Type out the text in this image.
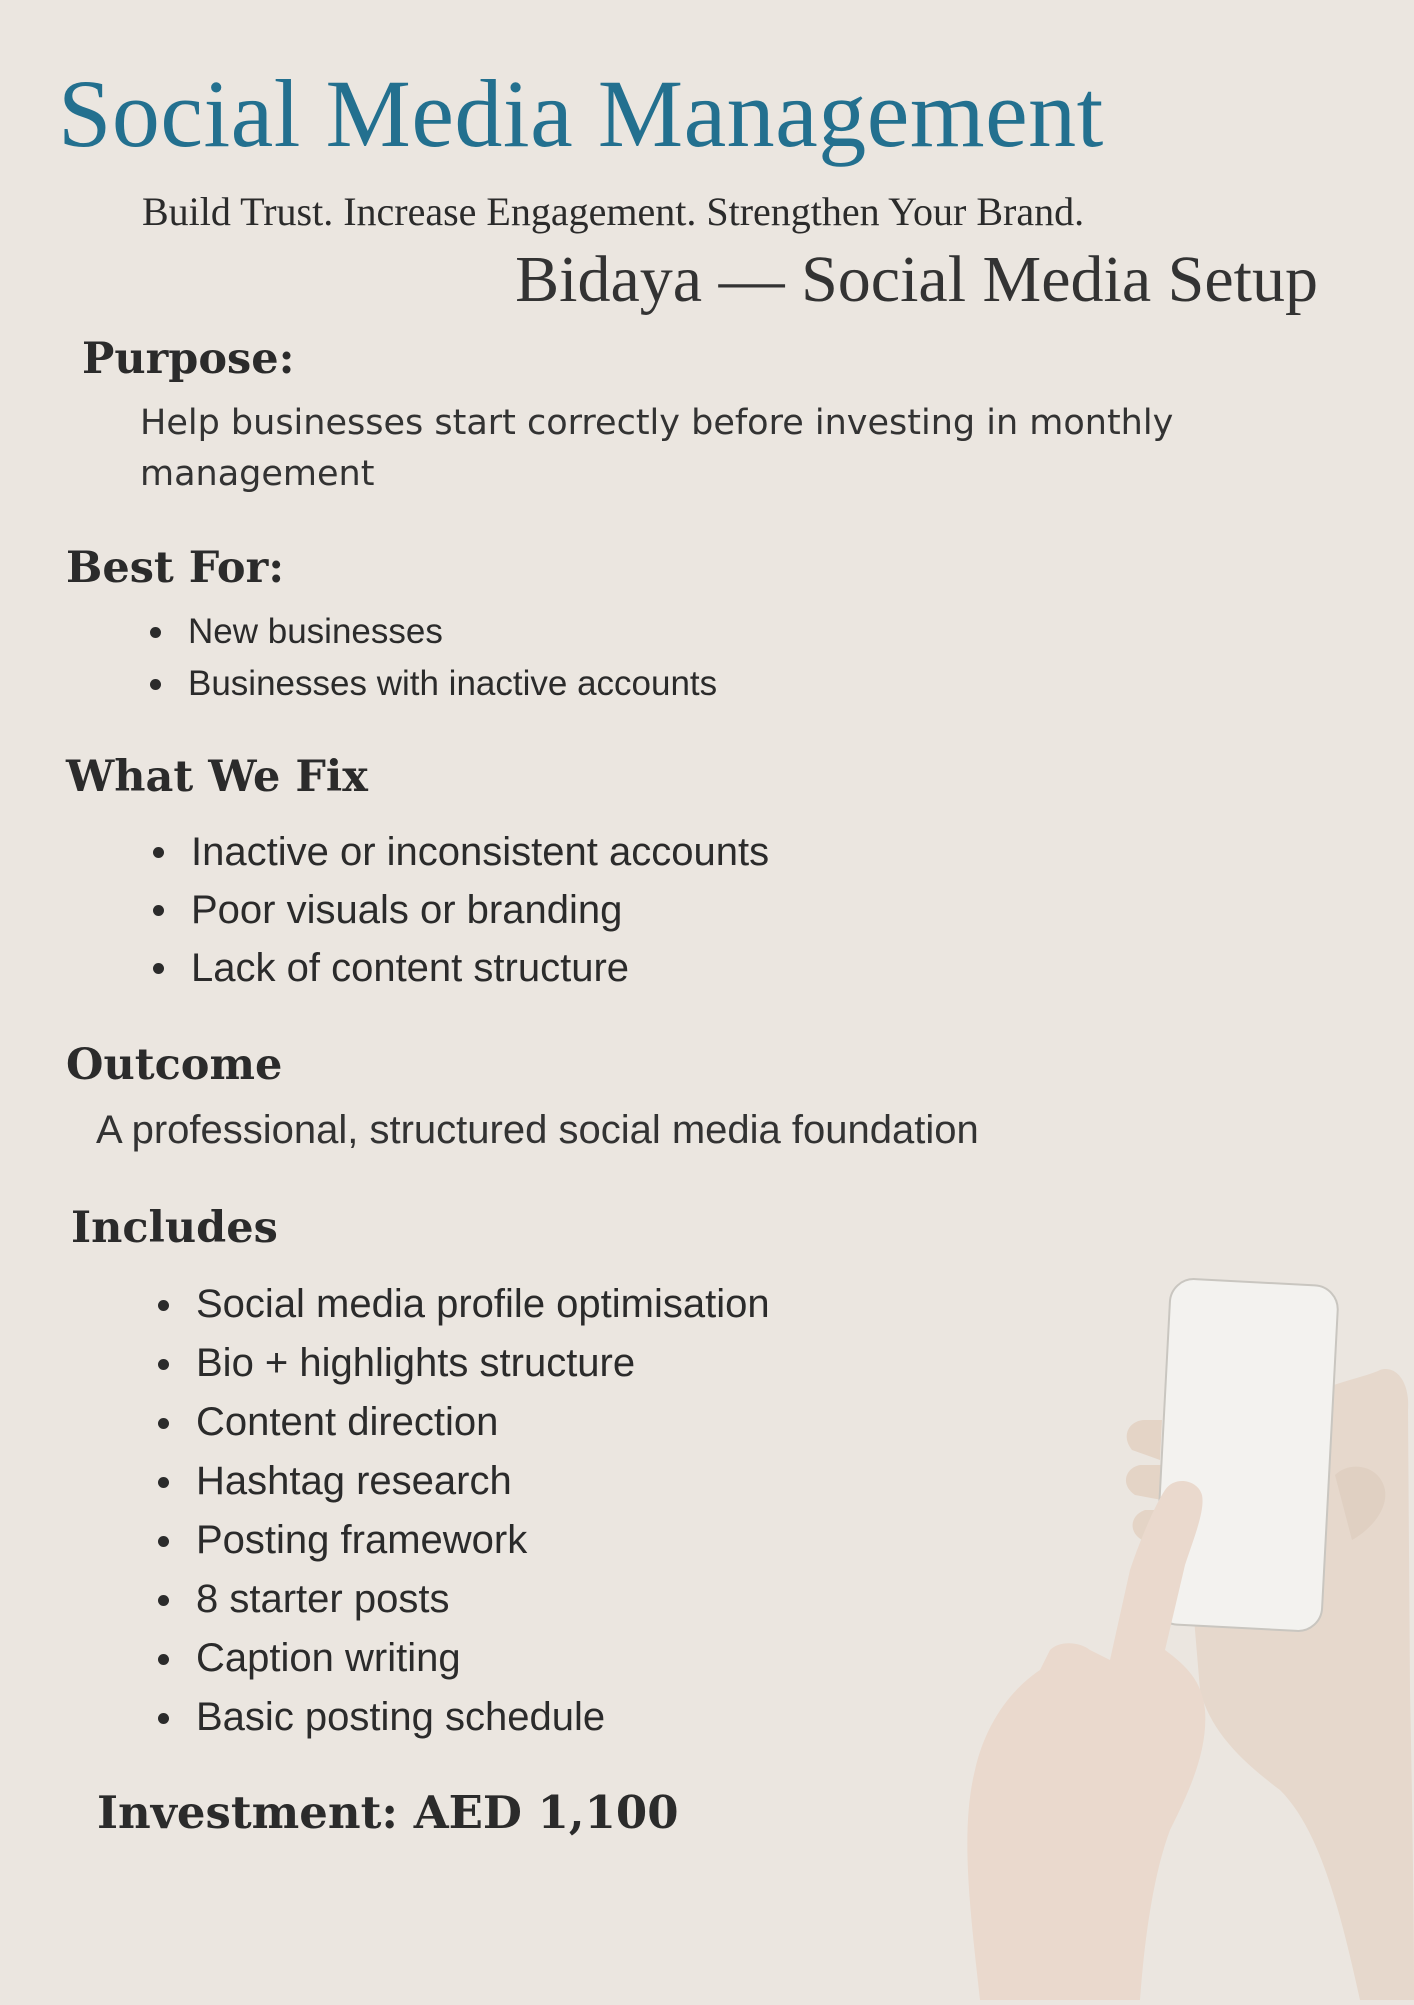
Social Media Management
Build Trust. Increase Engagement. Strengthen Your Brand.
Bidaya — Social Media Setup
Purpose:
Help businesses start correctly before investing in monthly management
Best For:
New businesses
Businesses with inactive accounts
What We Fix
Inactive or inconsistent accounts
Poor visuals or branding
Lack of content structure
Outcome
A professional, structured social media foundation
Includes
Social media profile optimisation
Bio + highlights structure
Content direction
Hashtag research
Posting framework
8 starter posts
Caption writing
Basic posting schedule
Investment: AED 1,100
